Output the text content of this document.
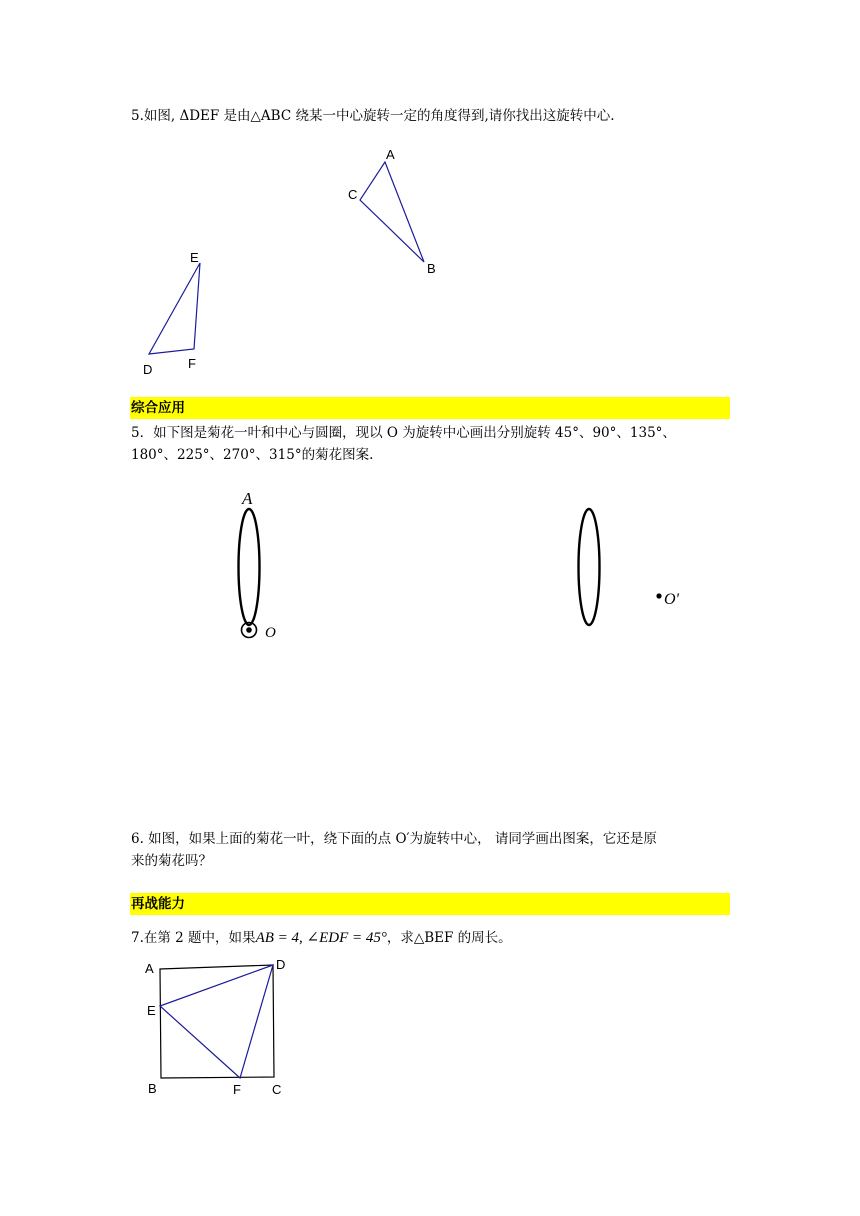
5.如图, ΔDEF 是由△ABC 绕某一中心旋转一定的角度得到,请你找出这旋转中心.
A
C
B
E
F
D
综合应用
5．如下图是菊花一叶和中心与圆圈，现以 O 为旋转中心画出分别旋转 45°、90°、135°、
180°、225°、270°、315°的菊花图案.
A
O
O'
6. 如图，如果上面的菊花一叶，绕下面的点 O′为旋转中心， 请同学画出图案，它还是原
来的菊花吗？
再战能力
7.在第 2 题中，如果AB = 4, ∠EDF = 45°，求△BEF 的周长。
A	D
E
B	F C
